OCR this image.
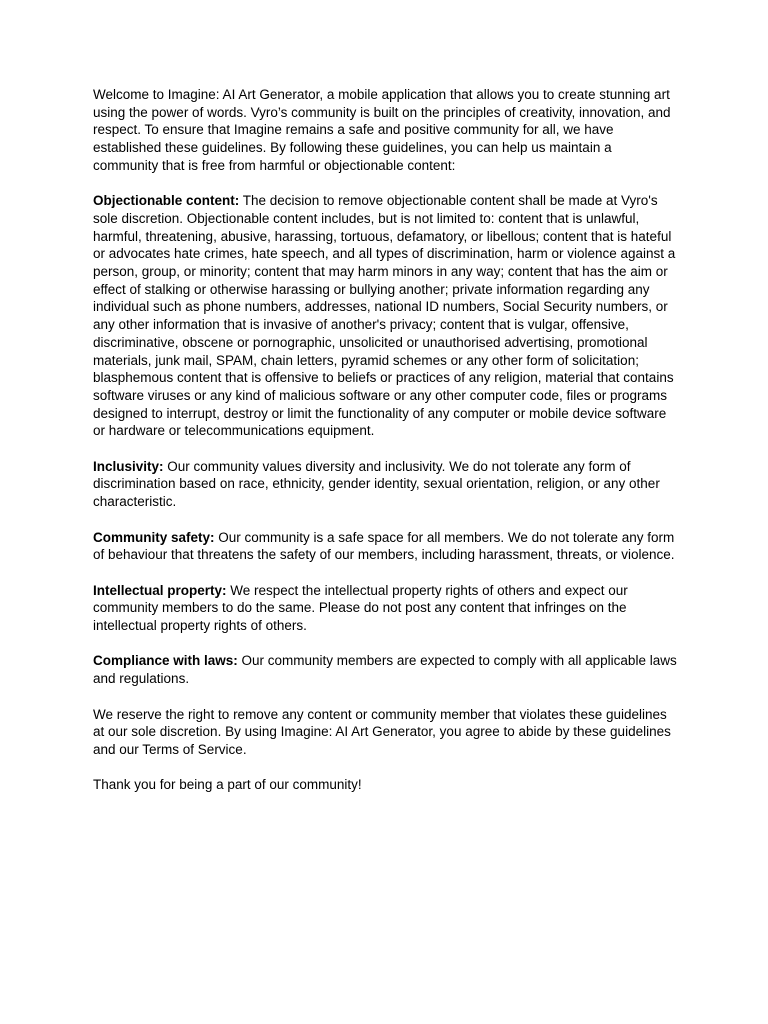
Welcome to Imagine: AI Art Generator, a mobile application that allows you to create stunning art using the power of words. Vyro’s community is built on the principles of creativity, innovation, and respect. To ensure that Imagine remains a safe and positive community for all, we have established these guidelines. By following these guidelines, you can help us maintain a community that is free from harmful or objectionable content:

Objectionable content: The decision to remove objectionable content shall be made at Vyro's sole discretion. Objectionable content includes, but is not limited to: content that is unlawful, harmful, threatening, abusive, harassing, tortuous, defamatory, or libellous; content that is hateful or advocates hate crimes, hate speech, and all types of discrimination, harm or violence against a person, group, or minority; content that may harm minors in any way; content that has the aim or effect of stalking or otherwise harassing or bullying another; private information regarding any individual such as phone numbers, addresses, national ID numbers, Social Security numbers, or any other information that is invasive of another's privacy; content that is vulgar, offensive, discriminative, obscene or pornographic, unsolicited or unauthorised advertising, promotional materials, junk mail, SPAM, chain letters, pyramid schemes or any other form of solicitation; blasphemous content that is offensive to beliefs or practices of any religion, material that contains software viruses or any kind of malicious software or any other computer code, files or programs designed to interrupt, destroy or limit the functionality of any computer or mobile device software or hardware or telecommunications equipment.

Inclusivity: Our community values diversity and inclusivity. We do not tolerate any form of discrimination based on race, ethnicity, gender identity, sexual orientation, religion, or any other characteristic.

Community safety: Our community is a safe space for all members. We do not tolerate any form of behaviour that threatens the safety of our members, including harassment, threats, or violence.

Intellectual property: We respect the intellectual property rights of others and expect our community members to do the same. Please do not post any content that infringes on the intellectual property rights of others.

Compliance with laws: Our community members are expected to comply with all applicable laws and regulations.

We reserve the right to remove any content or community member that violates these guidelines at our sole discretion. By using Imagine: AI Art Generator, you agree to abide by these guidelines and our Terms of Service.

Thank you for being a part of our community!
